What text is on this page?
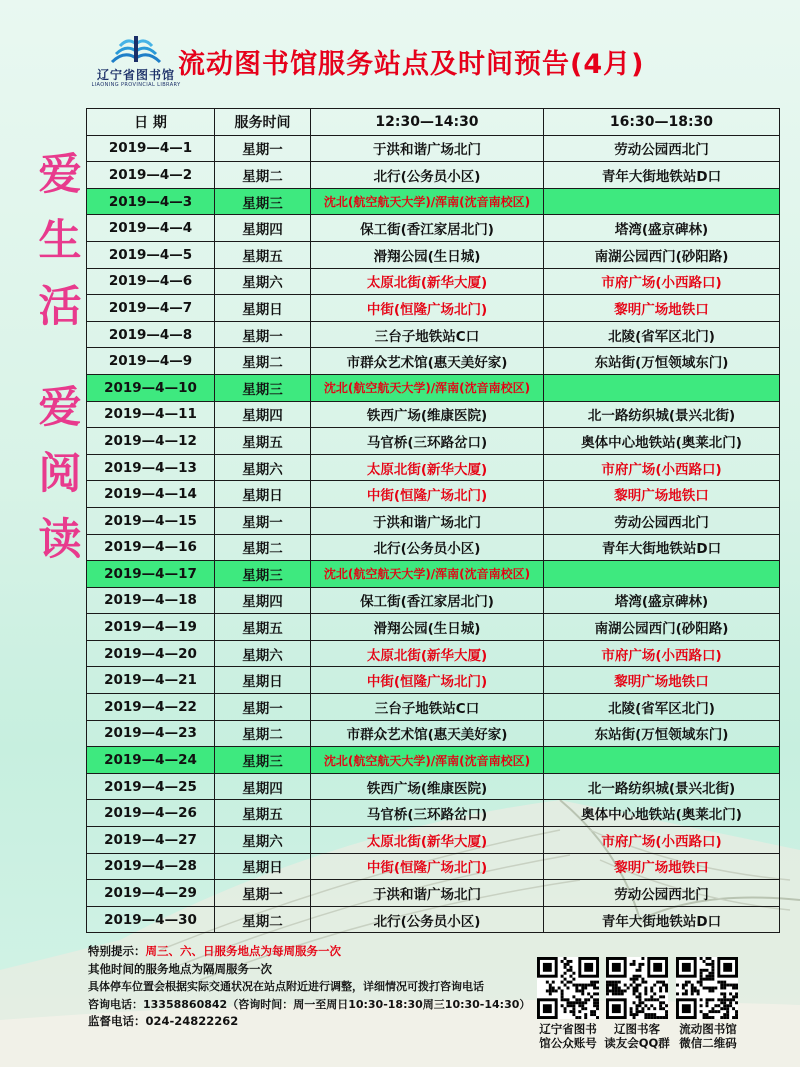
辽宁省图书馆
LIAONING PROVINCIAL LIBRARY
流动图书馆服务站点及时间预告(4月)
爱
生
活
爱
阅
读
日 期	服务时间	12:30—14:30	16:30—18:30
2019—4—1	星期一	于洪和谐广场北门	劳动公园西北门
2019—4—2	星期二	北行(公务员小区)	青年大街地铁站D口
2019—4—3	星期三	沈北(航空航天大学)/浑南(沈音南校区)	
2019—4—4	星期四	保工街(香江家居北门)	塔湾(盛京碑林)
2019—4—5	星期五	滑翔公园(生日城)	南湖公园西门(砂阳路)
2019—4—6	星期六	太原北街(新华大厦)	市府广场(小西路口)
2019—4—7	星期日	中街(恒隆广场北门)	黎明广场地铁口
2019—4—8	星期一	三台子地铁站C口	北陵(省军区北门)
2019—4—9	星期二	市群众艺术馆(惠天美好家)	东站街(万恒领域东门)
2019—4—10	星期三	沈北(航空航天大学)/浑南(沈音南校区)	
2019—4—11	星期四	铁西广场(维康医院)	北一路纺织城(景兴北街)
2019—4—12	星期五	马官桥(三环路岔口)	奥体中心地铁站(奥莱北门)
2019—4—13	星期六	太原北街(新华大厦)	市府广场(小西路口)
2019—4—14	星期日	中街(恒隆广场北门)	黎明广场地铁口
2019—4—15	星期一	于洪和谐广场北门	劳动公园西北门
2019—4—16	星期二	北行(公务员小区)	青年大街地铁站D口
2019—4—17	星期三	沈北(航空航天大学)/浑南(沈音南校区)	
2019—4—18	星期四	保工街(香江家居北门)	塔湾(盛京碑林)
2019—4—19	星期五	滑翔公园(生日城)	南湖公园西门(砂阳路)
2019—4—20	星期六	太原北街(新华大厦)	市府广场(小西路口)
2019—4—21	星期日	中街(恒隆广场北门)	黎明广场地铁口
2019—4—22	星期一	三台子地铁站C口	北陵(省军区北门)
2019—4—23	星期二	市群众艺术馆(惠天美好家)	东站街(万恒领域东门)
2019—4—24	星期三	沈北(航空航天大学)/浑南(沈音南校区)	
2019—4—25	星期四	铁西广场(维康医院)	北一路纺织城(景兴北街)
2019—4—26	星期五	马官桥(三环路岔口)	奥体中心地铁站(奥莱北门)
2019—4—27	星期六	太原北街(新华大厦)	市府广场(小西路口)
2019—4—28	星期日	中街(恒隆广场北门)	黎明广场地铁口
2019—4—29	星期一	于洪和谐广场北门	劳动公园西北门
2019—4—30	星期二	北行(公务员小区)	青年大街地铁站D口
特别提示：周三、六、日服务地点为每周服务一次
其他时间的服务地点为隔周服务一次
具体停车位置会根据实际交通状况在站点附近进行调整，详细情况可拨打咨询电话
咨询电话：13358860842（咨询时间：周一至周日10:30-18:30周三10:30-14:30）
监督电话：024-24822262
辽宁省图书
馆公众账号
辽图书客
读友会QQ群
流动图书馆
微信二维码
